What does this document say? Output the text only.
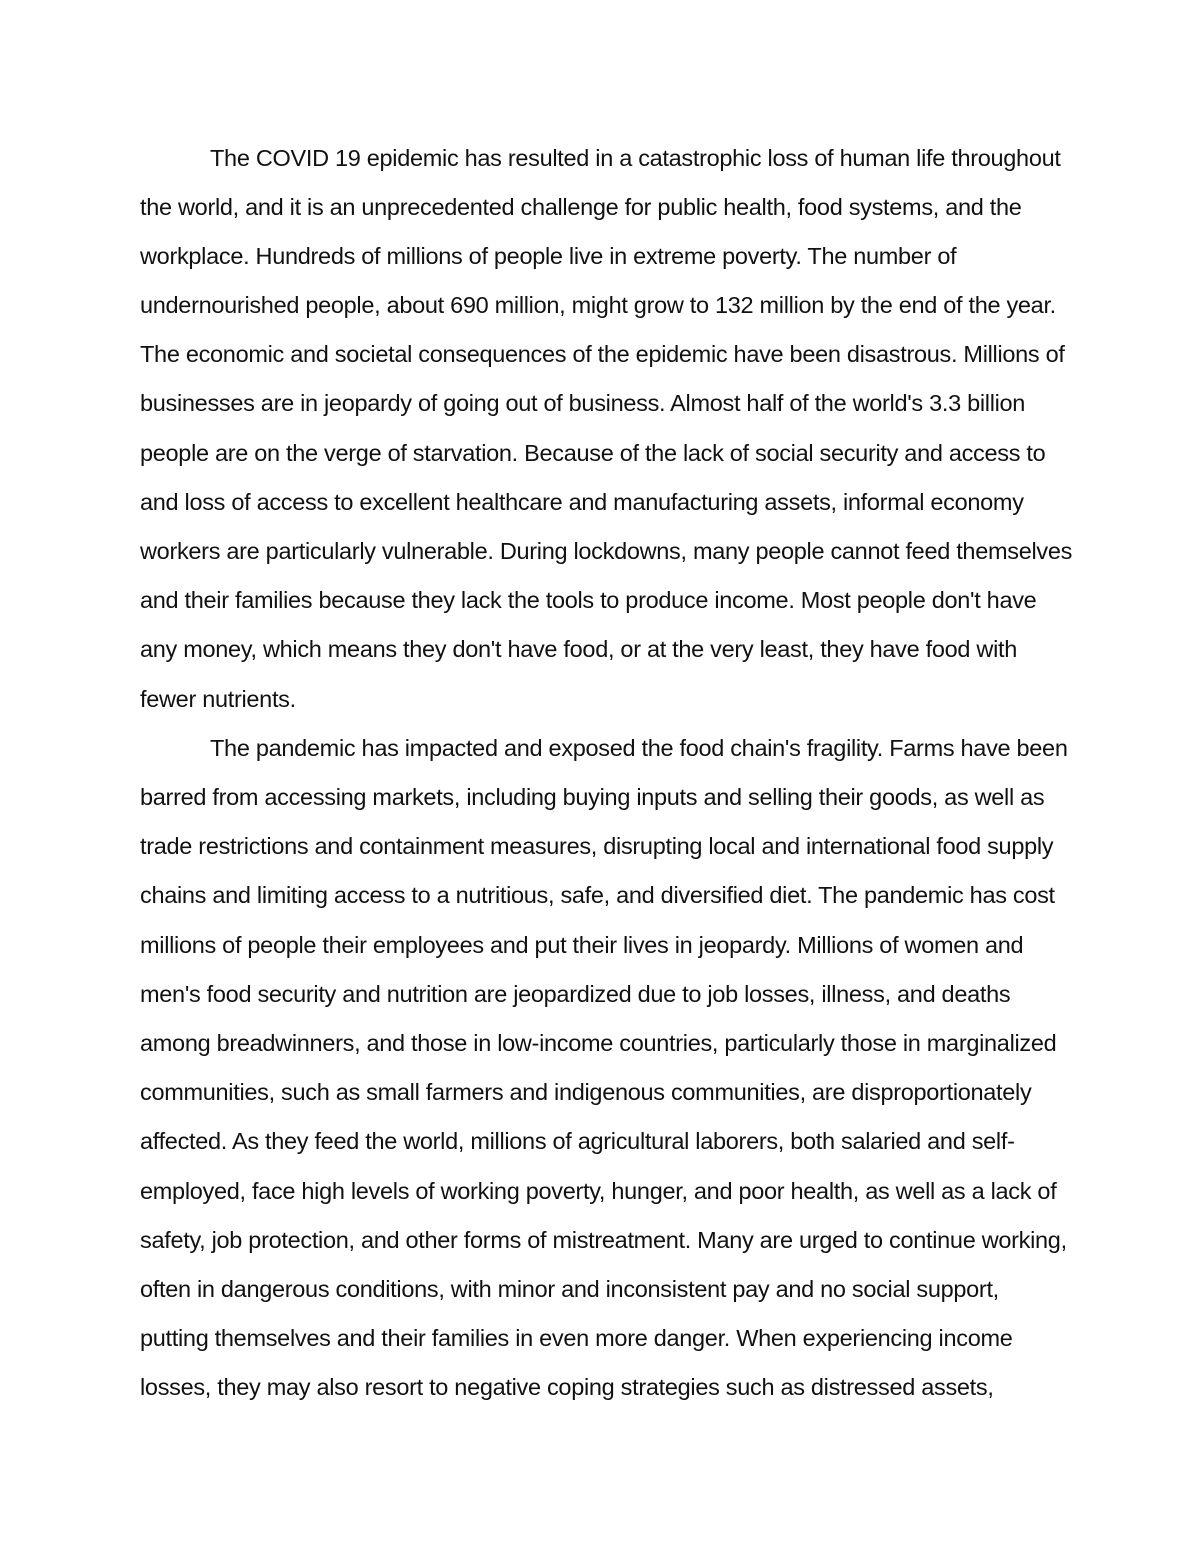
The COVID 19 epidemic has resulted in a catastrophic loss of human life throughout
the world, and it is an unprecedented challenge for public health, food systems, and the
workplace. Hundreds of millions of people live in extreme poverty. The number of
undernourished people, about 690 million, might grow to 132 million by the end of the year.
The economic and societal consequences of the epidemic have been disastrous. Millions of
businesses are in jeopardy of going out of business. Almost half of the world's 3.3 billion
people are on the verge of starvation. Because of the lack of social security and access to
and loss of access to excellent healthcare and manufacturing assets, informal economy
workers are particularly vulnerable. During lockdowns, many people cannot feed themselves
and their families because they lack the tools to produce income. Most people don't have
any money, which means they don't have food, or at the very least, they have food with
fewer nutrients.
The pandemic has impacted and exposed the food chain's fragility. Farms have been
barred from accessing markets, including buying inputs and selling their goods, as well as
trade restrictions and containment measures, disrupting local and international food supply
chains and limiting access to a nutritious, safe, and diversified diet. The pandemic has cost
millions of people their employees and put their lives in jeopardy. Millions of women and
men's food security and nutrition are jeopardized due to job losses, illness, and deaths
among breadwinners, and those in low-income countries, particularly those in marginalized
communities, such as small farmers and indigenous communities, are disproportionately
affected. As they feed the world, millions of agricultural laborers, both salaried and self-
employed, face high levels of working poverty, hunger, and poor health, as well as a lack of
safety, job protection, and other forms of mistreatment. Many are urged to continue working,
often in dangerous conditions, with minor and inconsistent pay and no social support,
putting themselves and their families in even more danger. When experiencing income
losses, they may also resort to negative coping strategies such as distressed assets,
